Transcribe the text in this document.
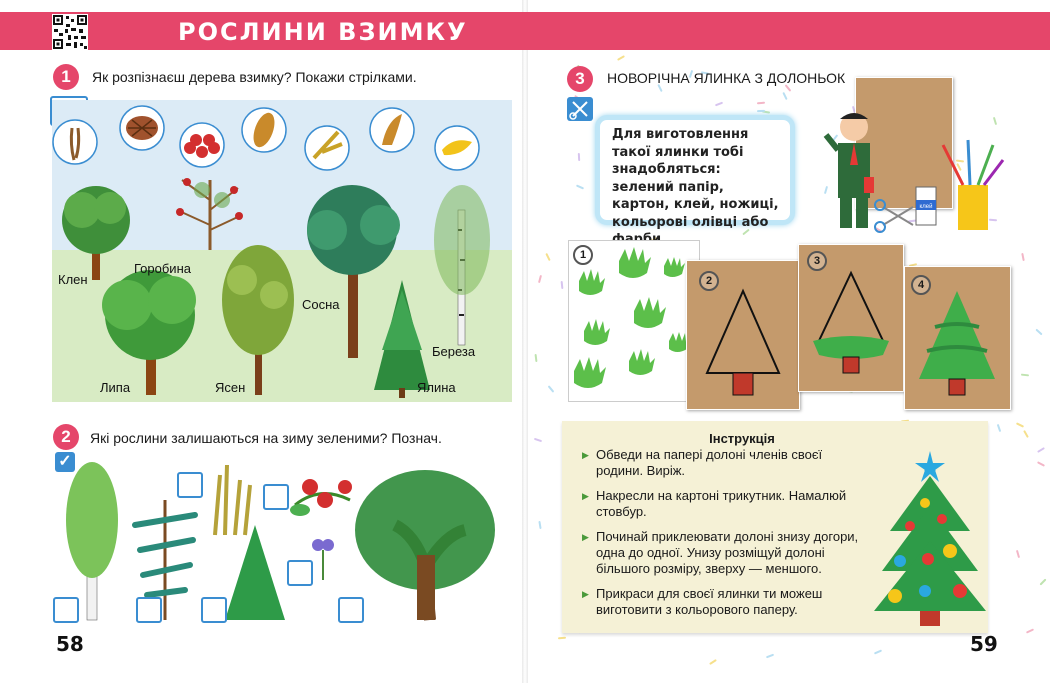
РОСЛИНИ ВЗИМКУ
1	Як розпізнаєш дерева взимку? Покажи стрілками.
Клен
Горобина
Липа	Ясен
Сосна
Ялина
Береза
2	Які рослини залишаються на зиму зеленими? Познач.
✓
58
3	НОВОРІЧНА ЯЛИНКА З ДОЛОНЬОК

Для виготовлення такої ялинки тобі знадобляться: зелений папір, картон, клей, ножиці, кольорові олівці або

клей
1
2
3
4
Інструкція
▶ Обведи на папері долоні членів своєї родини. Виріж.
▶ Накресли на картоні трикутник. Намалюй стовбур.
▶ Починай приклеювати долоні знизу догори, одна до одної. Унизу розміщуй долоні більшого розміру, зверху — меншого.
▶ Прикраси для своєї ялинки ти можеш виготовити з кольорового паперу.
59
